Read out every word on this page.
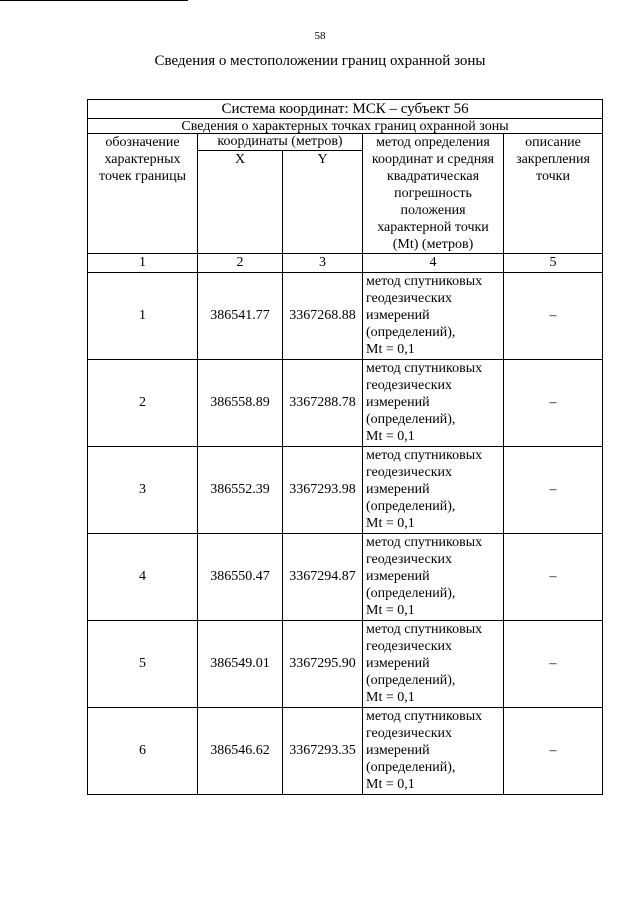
58
Сведения о местоположении границ охранной зоны
Система координат: МСК – субъект 56				
Сведения о характерных точках границ охранной зоны				
обозначение характерных точек границы	координаты (метров)		метод определения координат и средняя квадратическая погрешность положения характерной точки (Mt) (метров)	описание закрепления точки
	X	Y		
1	2	3	4	5
1	386541.77	3367268.88	метод спутниковых
геодезических
измерений
(определений),
Mt = 0,1	–
2	386558.89	3367288.78	метод спутниковых
геодезических
измерений
(определений),
Mt = 0,1	–
3	386552.39	3367293.98	метод спутниковых
геодезических
измерений
(определений),
Mt = 0,1	–
4	386550.47	3367294.87	метод спутниковых
геодезических
измерений
(определений),
Mt = 0,1	–
5	386549.01	3367295.90	метод спутниковых
геодезических
измерений
(определений),
Mt = 0,1	–
6	386546.62	3367293.35	метод спутниковых
геодезических
измерений
(определений),
Mt = 0,1	–
